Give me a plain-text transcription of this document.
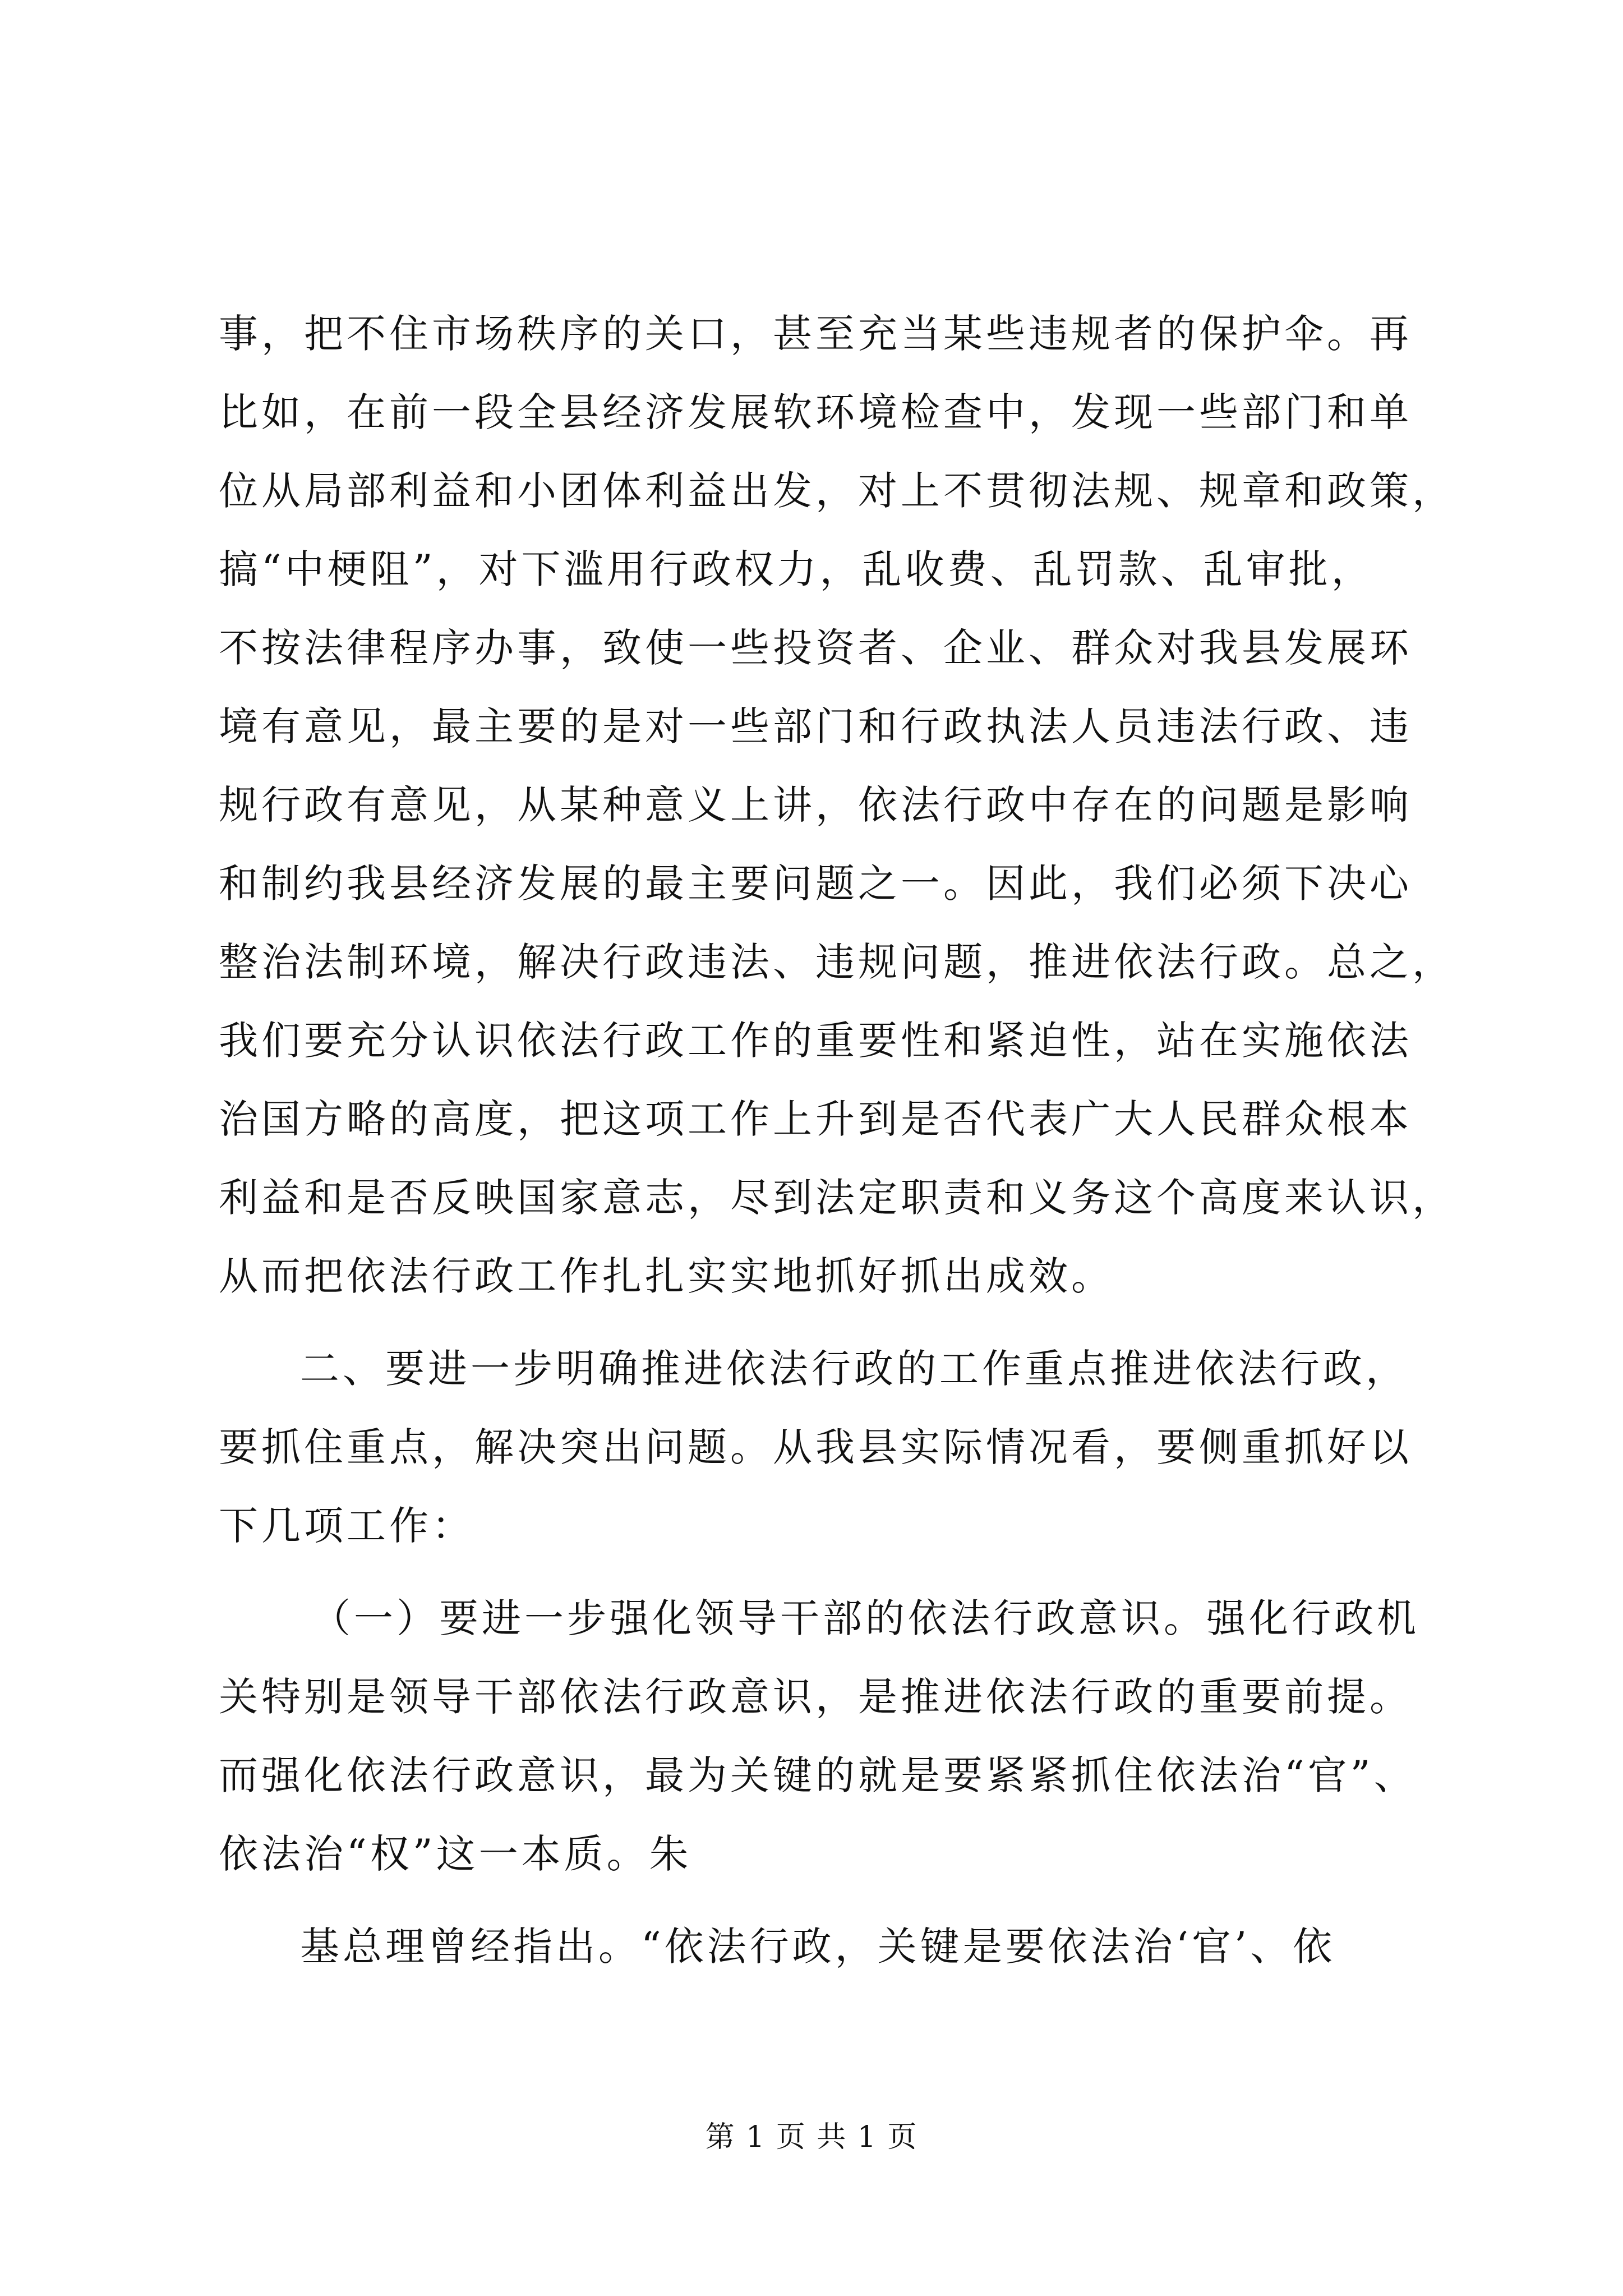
事，把不住市场秩序的关口，甚至充当某些违规者的保护伞。再
比如，在前一段全县经济发展软环境检查中，发现一些部门和单
位从局部利益和小团体利益出发，对上不贯彻法规、规章和政策，
搞“中梗阻”，对下滥用行政权力，乱收费、乱罚款、乱审批，
不按法律程序办事，致使一些投资者、企业、群众对我县发展环
境有意见，最主要的是对一些部门和行政执法人员违法行政、违
规行政有意见，从某种意义上讲，依法行政中存在的问题是影响
和制约我县经济发展的最主要问题之一。因此，我们必须下决心
整治法制环境，解决行政违法、违规问题，推进依法行政。总之，
我们要充分认识依法行政工作的重要性和紧迫性，站在实施依法
治国方略的高度，把这项工作上升到是否代表广大人民群众根本
利益和是否反映国家意志，尽到法定职责和义务这个高度来认识，
从而把依法行政工作扎扎实实地抓好抓出成效。
二、要进一步明确推进依法行政的工作重点推进依法行政，
要抓住重点，解决突出问题。从我县实际情况看，要侧重抓好以
下几项工作：
（一）要进一步强化领导干部的依法行政意识。强化行政机
关特别是领导干部依法行政意识，是推进依法行政的重要前提。
而强化依法行政意识，最为关键的就是要紧紧抓住依法治“官”、
依法治“权”这一本质。朱
基总理曾经指出。“依法行政，关键是要依法治‘官’、依
第 1 页 共 1 页
